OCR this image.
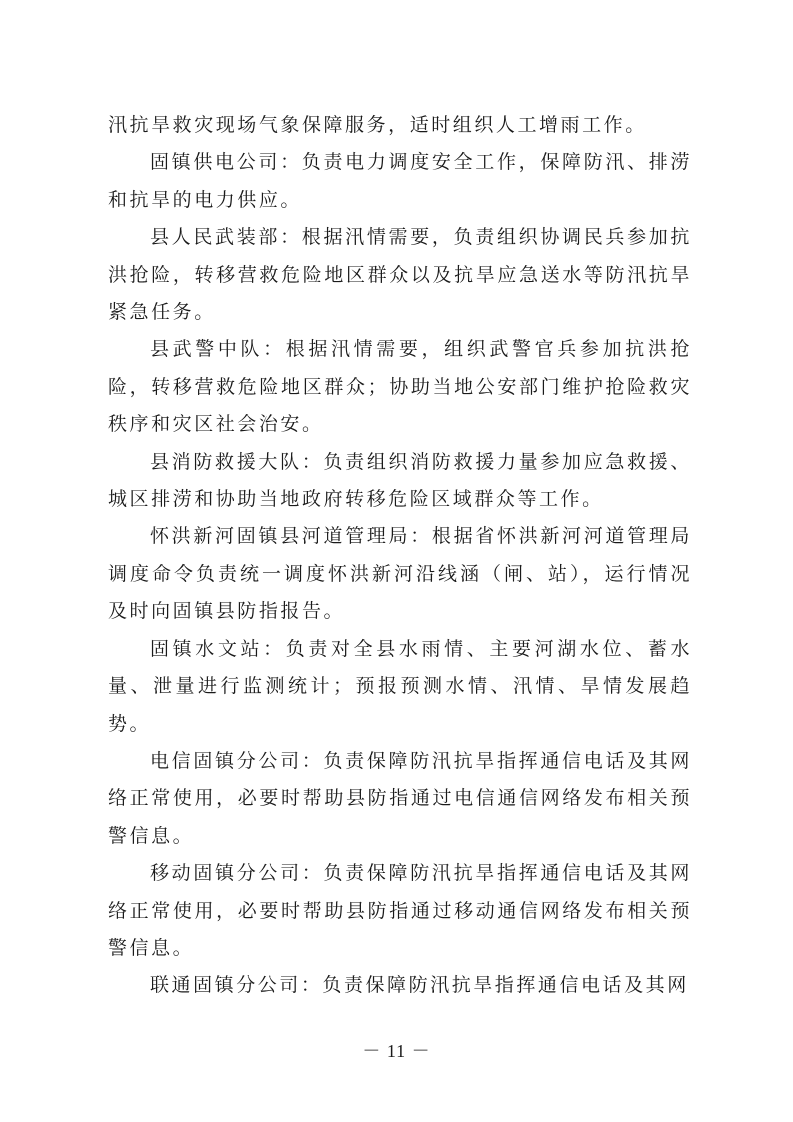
汛抗旱救灾现场气象保障服务，适时组织人工增雨工作。

固镇供电公司：负责电力调度安全工作，保障防汛、排涝和抗旱的电力供应。

县人民武装部：根据汛情需要，负责组织协调民兵参加抗洪抢险，转移营救危险地区群众以及抗旱应急送水等防汛抗旱紧急任务。

县武警中队：根据汛情需要，组织武警官兵参加抗洪抢险，转移营救危险地区群众；协助当地公安部门维护抢险救灾秩序和灾区社会治安。

县消防救援大队：负责组织消防救援力量参加应急救援、城区排涝和协助当地政府转移危险区域群众等工作。

怀洪新河固镇县河道管理局：根据省怀洪新河河道管理局调度命令负责统一调度怀洪新河沿线涵（闸、站），运行情况及时向固镇县防指报告。

固镇水文站：负责对全县水雨情、主要河湖水位、蓄水量、泄量进行监测统计；预报预测水情、汛情、旱情发展趋势。

电信固镇分公司：负责保障防汛抗旱指挥通信电话及其网络正常使用，必要时帮助县防指通过电信通信网络发布相关预警信息。

移动固镇分公司：负责保障防汛抗旱指挥通信电话及其网络正常使用，必要时帮助县防指通过移动通信网络发布相关预警信息。

联通固镇分公司：负责保障防汛抗旱指挥通信电话及其网

－ 11 －
